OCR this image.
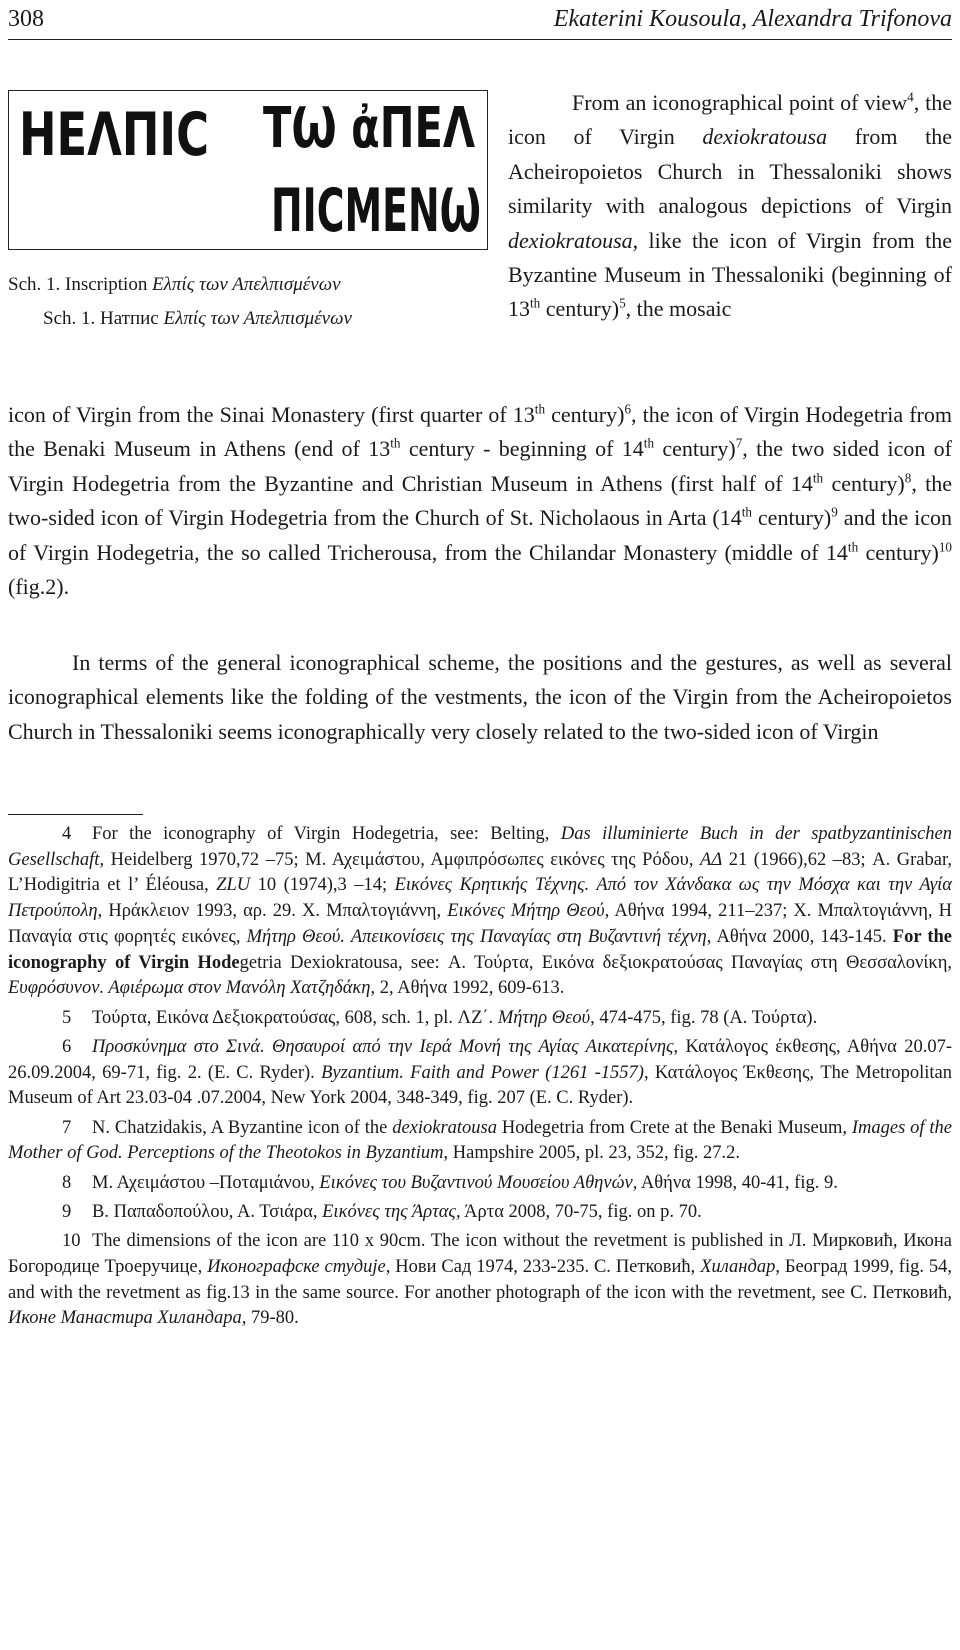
308	Ekaterini Kousoula, Alexandra Trifonova
ΗΕΛΠΙϹ ΤѠ ἀΠΕΛ
ΠΙϹΜΕΝѠ
Sch. 1. Inscription Ελπίς των Απελπισμένων
Sch. 1. Натпис Ελπίς των Απελπισμένων
From an iconographical point of view$^4$, the icon of Virgin dexiokratousa from the Acheiropoietos Church in Thessaloniki shows similarity with analogous depictions of Virgin dexiokratousa, like the icon of Virgin from the Byzantine Museum in Thessaloniki (beginning of 13th century)$^5$, the mosaic
icon of Virgin from the Sinai Monastery (first quarter of 13th century)$^6$, the icon of Virgin Hodegetria from the Benaki Museum in Athens (end of 13th century - beginning of 14th century)$^7$, the two sided icon of Virgin Hodegetria from the Byzantine and Christian Museum in Athens (first half of 14th century)$^8$, the two-sided icon of Virgin Hodegetria from the Church of St. Nicholaous in Arta (14th century)$^9$ and the icon of Virgin Hodegetria, the so called Tricherousa, from the Chilandar Monastery (middle of 14th century)$^{10}$ (fig.2).
In terms of the general iconographical scheme, the positions and the gestures, as well as several iconographical elements like the folding of the vestments, the icon of the Virgin from the Acheiropoietos Church in Thessaloniki seems iconographically very closely related to the two-sided icon of Virgin

4 For the iconography of Virgin Hodegetria, see: Belting, Das illuminierte Buch in der spatbyzantinischen Gesellschaft, Heidelberg 1970,72 –75; Μ. Αχειμάστου, Αμφιπρόσωπες εικόνες της Ρόδου, ΑΔ 21 (1966),62 –83; A. Grabar, L’Hodigitria et l’ Éléousa, ZLU 10 (1974),3 –14; Εικόνες Κρητικής Τέχνης. Από τον Χάνδακα ως την Μόσχα και την Αγία Πετρούπολη, Ηράκλειον 1993, αρ. 29. Χ. Μπαλτογιάννη, Εικόνες Μήτηρ Θεού, Αθήνα 1994, 211–237; Χ. Μπαλτογιάννη, Η Παναγία στις φορητές εικόνες, Μήτηρ Θεού. Απεικονίσεις της Παναγίας στη Βυζαντινή τέχνη, Αθήνα 2000, 143-145. For the iconography of Virgin Hodegetria Dexiokratousa, see: Α. Τούρτα, Εικόνα δεξιοκρατούσας Παναγίας στη Θεσσαλονίκη, Ευφρόσυνον. Αφιέρωμα στον Μανόλη Χατζηδάκη, 2, Αθήνα 1992, 609-613.

5 Τούρτα, Εικόνα Δεξιοκρατούσας, 608, sch. 1, pl. ΛΖ΄. Μήτηρ Θεού, 474-475, fig. 78 (Α. Τούρτα).

6 Προσκύνημα στο Σινά. Θησαυροί από την Ιερά Μονή της Αγίας Αικατερίνης, Κατάλογος έκθεσης, Αθήνα 20.07-26.09.2004, 69-71, fig. 2. (E. C. Ryder). Byzantium. Faith and Power (1261 -1557), Κατάλογος Έκθεσης, The Metropolitan Museum of Art 23.03-04 .07.2004, New York 2004, 348-349, fig. 207 (E. C. Ryder).

7 N. Chatzidakis, A Byzantine icon of the dexiokratousa Hodegetria from Crete at the Benaki Museum, Images of the Mother of God. Perceptions of the Theotokos in Byzantium, Hampshire 2005, pl. 23, 352, fig. 27.2.

8 Μ. Αχειμάστου –Ποταμιάνου, Εικόνες του Βυζαντινού Μουσείου Αθηνών, Αθήνα 1998, 40-41, fig. 9.

9 Β. Παπαδοπούλου, Α. Τσιάρα, Εικόνες της Άρτας, Άρτα 2008, 70-75, fig. on p. 70.

10 The dimensions of the icon are 110 x 90cm. The icon without the revetment is published in Л. Мирковић, Икона Богородице Троеручице, Иконографске студије, Нови Сад 1974, 233-235. С. Петковић, Хиландар, Београд 1999, fig. 54, and with the revetment as fig.13 in the same source. For another photograph of the icon with the revetment, see С. Петковић, Иконе Манастира Хиландара, 79-80.
